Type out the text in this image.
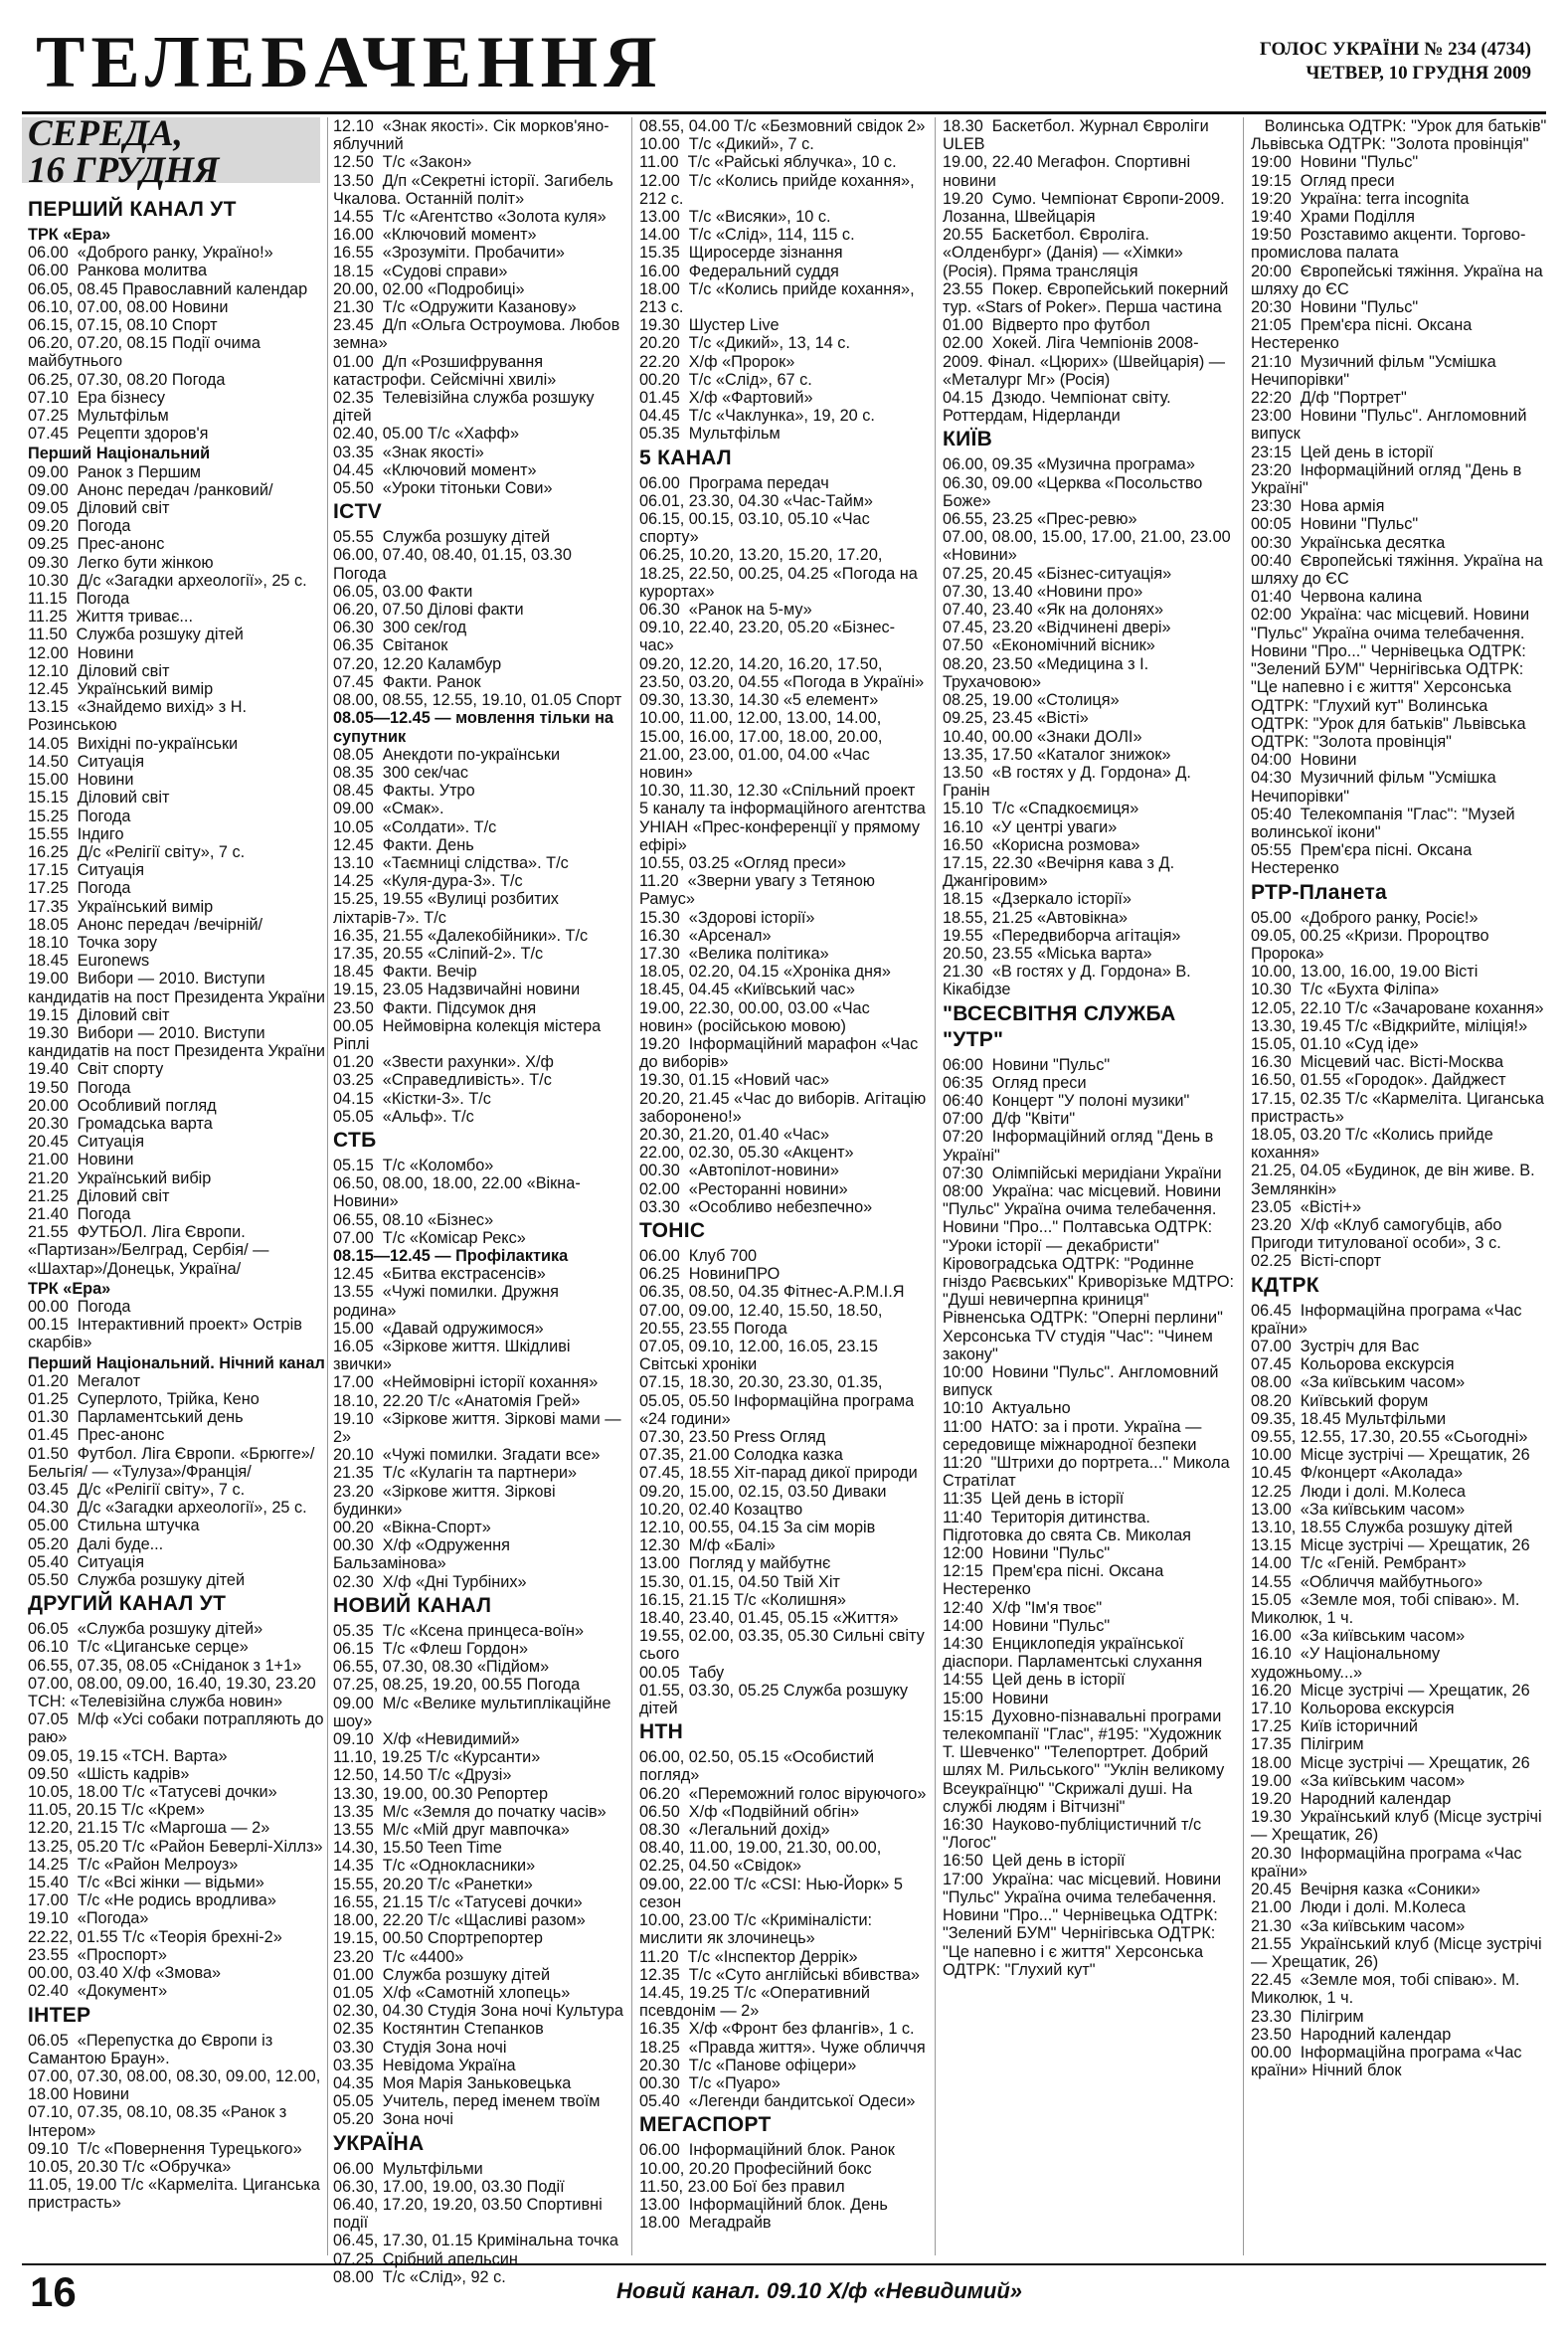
ТЕЛЕБАЧЕННЯ	ГОЛОС УКРАЇНИ № 234 (4734)
ЧЕТВЕР, 10 ГРУДНЯ 2009
СЕРЕДА,
16 ГРУДНЯ
ПЕРШИЙ КАНАЛ УТ
ТРК «Ера»
06.00  «Доброго ранку, Україно!»
06.00  Ранкова молитва
06.05, 08.45 Православний календар
06.10, 07.00, 08.00 Новини
06.15, 07.15, 08.10 Спорт
06.20, 07.20, 08.15 Події очима майбутнього
06.25, 07.30, 08.20 Погода
07.10  Ера бізнесу
07.25  Мультфільм
07.45  Рецепти здоров'я
Перший Національний
09.00  Ранок з Першим
09.00  Анонс передач /ранковий/
09.05  Діловий світ
09.20  Погода
09.25  Прес-анонс
09.30  Легко бути жінкою
10.30  Д/с «Загадки археології», 25 с.
11.15  Погода
11.25  Життя триває...
11.50  Служба розшуку дітей
12.00  Новини
12.10  Діловий світ
12.45  Український вимір
13.15  «Знайдемо вихід» з Н. Розинською
14.05  Вихідні по-українськи
14.50  Ситуація
15.00  Новини
15.15  Діловий світ
15.25  Погода
15.55  Індиго
16.25  Д/с «Релігії світу», 7 с.
17.15  Ситуація
17.25  Погода
17.35  Український вимір
18.05  Анонс передач /вечірній/
18.10  Точка зору
18.45  Euronews
19.00  Вибори — 2010. Виступи кандидатів на пост Президента України
19.15  Діловий світ
19.30  Вибори — 2010. Виступи кандидатів на пост Президента України
19.40  Світ спорту
19.50  Погода
20.00  Особливий погляд
20.30  Громадська варта
20.45  Ситуація
21.00  Новини
21.20  Український вибір
21.25  Діловий світ
21.40  Погода
21.55  ФУТБОЛ. Ліга Європи. «Партизан»/Белград, Сербія/ — «Шахтар»/Донецьк, Україна/
ТРК «Ера»
00.00  Погода
00.15  Інтерактивний проект» Острів скарбів»
Перший Національний. Нічний канал
01.20  Мегалот
01.25  Суперлото, Трійка, Кено
01.30  Парламентський день
01.45  Прес-анонс
01.50  Футбол. Ліга Європи. «Брюгге»/Бельгія/ — «Тулуза»/Франція/
03.45  Д/с «Релігії світу», 7 с.
04.30  Д/с «Загадки археології», 25 с.
05.00  Стильна штучка
05.20  Далі буде...
05.40  Ситуація
05.50  Служба розшуку дітей
ДРУГИЙ КАНАЛ УТ
06.05  «Служба розшуку дітей»
06.10  Т/с «Циганське серце»
06.55, 07.35, 08.05 «Сніданок з 1+1»
07.00, 08.00, 09.00, 16.40, 19.30, 23.20 ТСН: «Телевізійна служба новин»
07.05  М/ф «Усі собаки потрапляють до раю»
09.05, 19.15 «ТСН. Варта»
09.50  «Шість кадрів»
10.05, 18.00 Т/с «Татусеві дочки»
11.05, 20.15 Т/с «Крем»
12.20, 21.15 Т/с «Маргоша — 2»
13.25, 05.20 Т/с «Район Беверлі-Хіллз»
14.25  Т/с «Район Мелроуз»
15.40  Т/с «Всі жінки — відьми»
17.00  Т/с «Не родись вродлива»
19.10  «Погода»
22.22, 01.55 Т/с «Теорія брехні-2»
23.55  «Проспорт»
00.00, 03.40 Х/ф «Змова»
02.40  «Документ»
ІНТЕР
06.05  «Перепустка до Європи із Самантою Браун».
07.00, 07.30, 08.00, 08.30, 09.00, 12.00, 18.00 Новини
07.10, 07.35, 08.10, 08.35 «Ранок з Інтером»
09.10  Т/с «Повернення Турецького»
10.05, 20.30 Т/с «Обручка»
11.05, 19.00 Т/с «Кармеліта. Циганська пристрасть»
12.10  «Знак якості». Сік морков'яно-яблучний
12.50  Т/с «Закон»
13.50  Д/п «Секретні історії. Загибель Чкалова. Останній політ»
14.55  Т/с «Агентство «Золота куля»
16.00  «Ключовий момент»
16.55  «Зрозуміти. Пробачити»
18.15  «Судові справи»
20.00, 02.00 «Подробиці»
21.30  Т/с «Одружити Казанову»
23.45  Д/п «Ольга Остроумова. Любов земна»
01.00  Д/п «Розшифрування катастрофи. Сейсмічні хвилі»
02.35  Телевізійна служба розшуку дітей
02.40, 05.00 Т/с «Хафф»
03.35  «Знак якості»
04.45  «Ключовий момент»
05.50  «Уроки тітоньки Сови»
ICTV
05.55  Служба розшуку дітей
06.00, 07.40, 08.40, 01.15, 03.30 Погода
06.05, 03.00 Факти
06.20, 07.50 Ділові факти
06.30  300 сек/год
06.35  Світанок
07.20, 12.20 Каламбур
07.45  Факти. Ранок
08.00, 08.55, 12.55, 19.10, 01.05 Спорт
08.05—12.45 — мовлення тільки на супутник
08.05  Анекдоти по-українськи
08.35  300 сек/час
08.45  Факты. Утро
09.00  «Смак».
10.05  «Солдати». Т/с
12.45  Факти. День
13.10  «Таємниці слідства». Т/с
14.25  «Куля-дура-3». Т/с
15.25, 19.55 «Вулиці розбитих ліхтарів-7». Т/с
16.35, 21.55 «Далекобійники». Т/с
17.35, 20.55 «Сліпий-2». Т/с
18.45  Факти. Вечір
19.15, 23.05 Надзвичайні новини
23.50  Факти. Підсумок дня
00.05  Неймовірна колекція містера Ріплі
01.20  «Звести рахунки». Х/ф
03.25  «Справедливість». Т/с
04.15  «Кістки-3». Т/с
05.05  «Альф». Т/с
СТБ
05.15  Т/с «Коломбо»
06.50, 08.00, 18.00, 22.00 «Вікна-Новини»
06.55, 08.10 «Бізнес»
07.00  Т/с «Комісар Рекс»
08.15—12.45 — Профілактика
12.45  «Битва екстрасенсів»
13.55  «Чужі помилки. Дружня родина»
15.00  «Давай одружимося»
16.05  «Зіркове життя. Шкідливі звички»
17.00  «Неймовірні історії кохання»
18.10, 22.20 Т/с «Анатомія Грей»
19.10  «Зіркове життя. Зіркові мами — 2»
20.10  «Чужі помилки. Згадати все»
21.35  Т/с «Кулагін та партнери»
23.20  «Зіркове життя. Зіркові будинки»
00.20  «Вікна-Спорт»
00.30  Х/ф «Одруження Бальзамінова»
02.30  Х/ф «Дні Турбіних»
НОВИЙ КАНАЛ
05.35  Т/с «Ксена принцеса-воїн»
06.15  Т/с «Флеш Гордон»
06.55, 07.30, 08.30 «Підйом»
07.25, 08.25, 19.20, 00.55 Погода
09.00  М/с «Велике мультиплікаційне шоу»
09.10  Х/ф «Невидимий»
11.10, 19.25 Т/с «Курсанти»
12.50, 14.50 Т/с «Друзі»
13.30, 19.00, 00.30 Репортер
13.35  М/с «Земля до початку часів»
13.55  М/с «Мій друг мавпочка»
14.30, 15.50 Teen Time
14.35  Т/с «Однокласники»
15.55, 20.20 Т/с «Ранетки»
16.55, 21.15 Т/с «Татусеві дочки»
18.00, 22.20 Т/с «Щасливі разом»
19.15, 00.50 Спортрепортер
23.20  Т/с «4400»
01.00  Служба розшуку дітей
01.05  Х/ф «Самотній хлопець»
02.30, 04.30 Студія Зона ночі Культура
02.35  Костянтин Степанков
03.30  Студія Зона ночі
03.35  Невідома Україна
04.35  Моя Марія Заньковецька
05.05  Учитель, перед іменем твоїм
05.20  Зона ночі
УКРАЇНА
06.00  Мультфільми
06.30, 17.00, 19.00, 03.30 Події
06.40, 17.20, 19.20, 03.50 Спортивні події
06.45, 17.30, 01.15 Кримінальна точка
07.25  Срібний апельсин
08.00  Т/с «Слід», 92 с.
08.55, 04.00 Т/с «Безмовний свідок 2»
10.00  Т/с «Дикий», 7 с.
11.00  Т/с «Райські яблучка», 10 с.
12.00  Т/с «Колись прийде кохання», 212 с.
13.00  Т/с «Висяки», 10 с.
14.00  Т/с «Слід», 114, 115 с.
15.35  Щиросерде зізнання
16.00  Федеральний суддя
18.00  Т/с «Колись прийде кохання», 213 с.
19.30  Шустер Live
20.20  Т/с «Дикий», 13, 14 с.
22.20  Х/ф «Пророк»
00.20  Т/с «Слід», 67 с.
01.45  Х/ф «Фартовий»
04.45  Т/с «Чаклунка», 19, 20 с.
05.35  Мультфільм
5 КАНАЛ
06.00  Програма передач
06.01, 23.30, 04.30 «Час-Тайм»
06.15, 00.15, 03.10, 05.10 «Час спорту»
06.25, 10.20, 13.20, 15.20, 17.20, 18.25, 22.50, 00.25, 04.25 «Погода на курортах»
06.30  «Ранок на 5-му»
09.10, 22.40, 23.20, 05.20 «Бізнес-час»
09.20, 12.20, 14.20, 16.20, 17.50, 23.50, 03.20, 04.55 «Погода в Україні»
09.30, 13.30, 14.30 «5 елемент»
10.00, 11.00, 12.00, 13.00, 14.00, 15.00, 16.00, 17.00, 18.00, 20.00, 21.00, 23.00, 01.00, 04.00 «Час новин»
10.30, 11.30, 12.30 «Спільний проект 5 каналу та інформаційного агентства УНІАН «Прес-конференції у прямому ефірі»
10.55, 03.25 «Огляд преси»
11.20  «Зверни увагу з Тетяною Рамус»
15.30  «Здорові історії»
16.30  «Арсенал»
17.30  «Велика політика»
18.05, 02.20, 04.15 «Хроніка дня»
18.45, 04.45 «Київський час»
19.00, 22.30, 00.00, 03.00 «Час новин» (російською мовою)
19.20  Інформаційний марафон «Час до виборів»
19.30, 01.15 «Новий час»
20.20, 21.45 «Час до виборів. Агітацію заборонено!»
20.30, 21.20, 01.40 «Час»
22.00, 02.30, 05.30 «Акцент»
00.30  «Автопілот-новини»
02.00  «Ресторанні новини»
03.30  «Особливо небезпечно»
ТОНІС
06.00  Клуб 700
06.25  НовиниПРО
06.35, 08.50, 04.35 Фітнес-А.Р.М.І.Я
07.00, 09.00, 12.40, 15.50, 18.50, 20.55, 23.55 Погода
07.05, 09.10, 12.00, 16.05, 23.15 Світські хроніки
07.15, 18.30, 20.30, 23.30, 01.35, 05.05, 05.50 Інформаційна програма «24 години»
07.30, 23.50 Press Огляд
07.35, 21.00 Солодка казка
07.45, 18.55 Хіт-парад дикої природи
09.20, 15.00, 02.15, 03.50 Диваки
10.20, 02.40 Козацтво
12.10, 00.55, 04.15 За сім морів
12.30  М/ф «Балі»
13.00  Погляд у майбутнє
15.30, 01.15, 04.50 Твій Хіт
16.15, 21.15 Т/с «Колишня»
18.40, 23.40, 01.45, 05.15 «Життя»
19.55, 02.00, 03.35, 05.30 Сильні світу сього
00.05  Табу
01.55, 03.30, 05.25 Служба розшуку дітей
НТН
06.00, 02.50, 05.15 «Особистий погляд»
06.20  «Переможний голос віруючого»
06.50  Х/ф «Подвійний обгін»
08.30  «Легальний дохід»
08.40, 11.00, 19.00, 21.30, 00.00, 02.25, 04.50 «Свідок»
09.00, 22.00 Т/с «CSI: Нью-Йорк» 5 сезон
10.00, 23.00 Т/с «Криміналісти: мислити як злочинець»
11.20  Т/с «Інспектор Деррік»
12.35  Т/с «Суто англійські вбивства»
14.45, 19.25 Т/с «Оперативний псевдонім — 2»
16.35  Х/ф «Фронт без флангів», 1 с.
18.25  «Правда життя». Чуже обличчя
20.30  Т/с «Панове офіцери»
00.30  Т/с «Пуаро»
05.40  «Легенди бандитської Одеси»
МЕГАСПОРТ
06.00  Інформаційний блок. Ранок
10.00, 20.20 Професійний бокс
11.50, 23.00 Бої без правил
13.00  Інформаційний блок. День
18.00  Мегадрайв
18.30  Баскетбол. Журнал Євроліги ULEB
19.00, 22.40 Мегафон. Спортивні новини
19.20  Сумо. Чемпіонат Європи-2009. Лозанна, Швейцарія
20.55  Баскетбол. Євроліга. «Олденбург» (Данія) — «Хімки» (Росія). Пряма трансляція
23.55  Покер. Європейський покерний тур. «Stars of Poker». Перша частина
01.00  Відверто про футбол
02.00  Хокей. Ліга Чемпіонів 2008-2009. Фінал. «Цюрих» (Швейцарія) — «Металург Мг» (Росія)
04.15  Дзюдо. Чемпіонат світу. Роттердам, Нідерланди
КИЇВ
06.00, 09.35 «Музична програма»
06.30, 09.00 «Церква «Посольство Боже»
06.55, 23.25 «Прес-ревю»
07.00, 08.00, 15.00, 17.00, 21.00, 23.00 «Новини»
07.25, 20.45 «Бізнес-ситуація»
07.30, 13.40 «Новини про»
07.40, 23.40 «Як на долонях»
07.45, 23.20 «Відчинені двері»
07.50  «Економічний вісник»
08.20, 23.50 «Медицина з І. Трухачовою»
08.25, 19.00 «Столиця»
09.25, 23.45 «Вісті»
10.40, 00.00 «Знаки ДОЛІ»
13.35, 17.50 «Каталог знижок»
13.50  «В гостях у Д. Гордона» Д. Гранін
15.10  Т/с «Спадкоємиця»
16.10  «У центрі уваги»
16.50  «Корисна розмова»
17.15, 22.30 «Вечірня кава з Д. Джангіровим»
18.15  «Дзеркало історії»
18.55, 21.25 «Автовікна»
19.55  «Передвиборча агітація»
20.50, 23.55 «Міська варта»
21.30  «В гостях у Д. Гордона» В. Кікабідзе
"ВСЕСВІТНЯ СЛУЖБА "УТР"
06:00  Новини "Пульс"
06:35  Огляд преси
06:40  Концерт "У полоні музики"
07:00  Д/ф "Квіти"
07:20  Інформаційний огляд "День в Україні"
07:30  Олімпійські меридіани України
08:00  Україна: час місцевий. Новини "Пульс" Україна очима телебачення. Новини "Про..." Полтавська ОДТРК: "Уроки історії — декабристи" Кіровоградська ОДТРК: "Родинне гніздо Раєвських" Криворізьке МДТРО: "Душі невичерпна криниця" Рівненська ОДТРК: "Оперні перлини" Херсонська TV студія "Час": "Чинем закону"
10:00  Новини "Пульс". Англомовний випуск
10:10  Актуально
11:00  НАТО: за і проти. Україна — середовище міжнародної безпеки
11:20  "Штрихи до портрета..." Микола Стратілат
11:35  Цей день в історії
11:40  Територія дитинства. Підготовка до свята Св. Миколая
12:00  Новини "Пульс"
12:15  Прем'єра пісні. Оксана Нестеренко
12:40  Х/ф "Ім'я твоє"
14:00  Новини "Пульс"
14:30  Енциклопедія української діаспори. Парламентські слухання
14:55  Цей день в історії
15:00  Новини
15:15  Духовно-пізнавальні програми телекомпанії "Глас", #195: "Художник Т. Шевченко" "Телепортрет. Добрий шлях М. Рильського" "Уклін великому Всеукраїнцю" "Скрижалі душі. На службі людям і Вітчизні"
16:30  Науково-публіцистичний т/с "Логос"
16:50  Цей день в історії
17:00  Україна: час місцевий. Новини "Пульс" Україна очима телебачення. Новини "Про..." Чернівецька ОДТРК: "Зелений БУМ" Чернігівська ОДТРК: "Це напевно і є життя" Херсонська ОДТРК: "Глухий кут"
Волинська ОДТРК: "Урок для батьків" Львівська ОДТРК: "Золота провінція"
19:00  Новини "Пульс"
19:15  Огляд преси
19:20  Україна: terra incognita
19:40  Храми Поділля
19:50  Розставимо акценти. Торгово-промислова палата
20:00  Європейські тяжіння. Україна на шляху до ЄС
20:30  Новини "Пульс"
21:05  Прем'єра пісні. Оксана Нестеренко
21:10  Музичний фільм "Усмішка Нечипорівки"
22:20  Д/ф "Портрет"
23:00  Новини "Пульс". Англомовний випуск
23:15  Цей день в історії
23:20  Інформаційний огляд "День в Україні"
23:30  Нова армія
00:05  Новини "Пульс"
00:30  Українська десятка
00:40  Європейські тяжіння. Україна на шляху до ЄС
01:40  Червона калина
02:00  Україна: час місцевий. Новини "Пульс" Україна очима телебачення. Новини "Про..." Чернівецька ОДТРК: "Зелений БУМ" Чернігівська ОДТРК: "Це напевно і є життя" Херсонська ОДТРК: "Глухий кут" Волинська ОДТРК: "Урок для батьків" Львівська ОДТРК: "Золота провінція"
04:00  Новини
04:30  Музичний фільм "Усмішка Нечипорівки"
05:40  Телекомпанія "Глас": "Музей волинської ікони"
05:55  Прем'єра пісні. Оксана Нестеренко
РТР-Планета
05.00  «Доброго ранку, Росіє!»
09.05, 00.25 «Кризи. Пророцтво Пророка»
10.00, 13.00, 16.00, 19.00 Вісті
10.30  Т/с «Бухта Філіпа»
12.05, 22.10 Т/с «Зачароване кохання»
13.30, 19.45 Т/с «Відкрийте, міліція!»
15.05, 01.10 «Суд іде»
16.30  Місцевий час. Вісті-Москва
16.50, 01.55 «Городок». Дайджест
17.15, 02.35 Т/с «Кармеліта. Циганська пристрасть»
18.05, 03.20 Т/с «Колись прийде кохання»
21.25, 04.05 «Будинок, де він живе. В. Землянкін»
23.05  «Вісті+»
23.20  Х/ф «Клуб самогубців, або Пригоди титулованої особи», 3 с.
02.25  Вісті-спорт
КДТРК
06.45  Інформаційна програма «Час країни»
07.00  Зустріч для Вас
07.45  Кольорова екскурсія
08.00  «За київським часом»
08.20  Київський форум
09.35, 18.45 Мультфільми
09.55, 12.55, 17.30, 20.55 «Сьогодні»
10.00  Місце зустрічі — Хрещатик, 26
10.45  Ф/концерт «Аколада»
12.25  Люди і долі. М.Колеса
13.00  «За київським часом»
13.10, 18.55 Служба розшуку дітей
13.15  Місце зустрічі — Хрещатик, 26
14.00  Т/с «Геній. Рембрант»
14.55  «Обличчя майбутнього»
15.05  «Земле моя, тобі співаю». М. Миколюк, 1 ч.
16.00  «За київським часом»
16.10  «У Національному художньому...»
16.20  Місце зустрічі — Хрещатик, 26
17.10  Кольорова екскурсія
17.25  Київ історичний
17.35  Пілігрим
18.00  Місце зустрічі — Хрещатик, 26
19.00  «За київським часом»
19.20  Народний календар
19.30  Український клуб (Місце зустрічі — Хрещатик, 26)
20.30  Інформаційна програма «Час країни»
20.45  Вечірня казка «Соники»
21.00  Люди і долі. М.Колеса
21.30  «За київським часом»
21.55  Український клуб (Місце зустрічі — Хрещатик, 26)
22.45  «Земле моя, тобі співаю». М. Миколюк, 1 ч.
23.30  Пілігрим
23.50  Народний календар
00.00  Інформаційна програма «Час країни» Нічний блок
16	Новий канал. 09.10 Х/ф «Невидимий»
